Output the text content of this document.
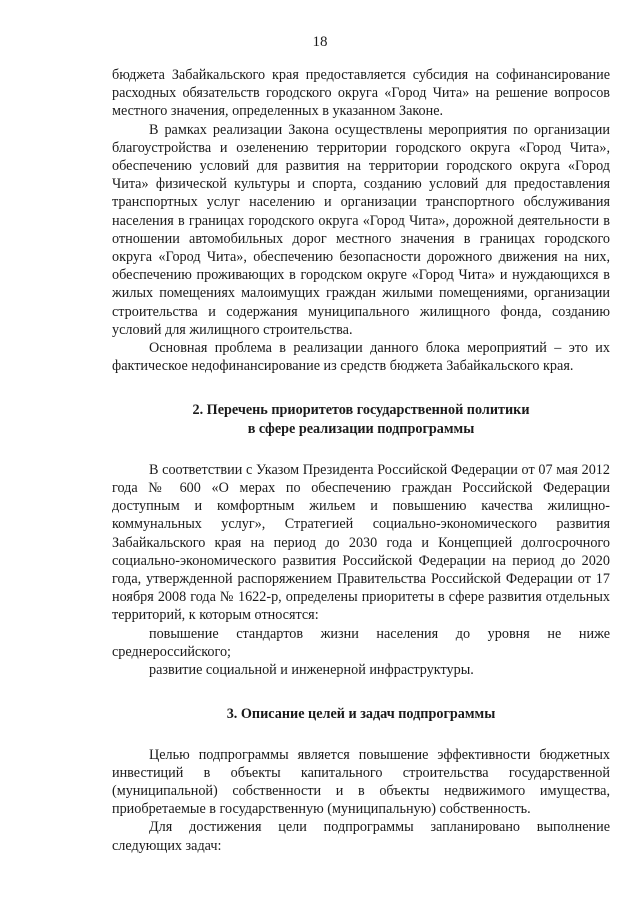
18

бюджета Забайкальского края предоставляется субсидия на софинансирование расходных обязательств городского округа «Город Чита» на решение вопросов местного значения, определенных в указанном Законе.

В рамках реализации Закона осуществлены мероприятия по организации благоустройства и озеленению территории городского округа «Город Чита», обеспечению условий для развития на территории городского округа «Город Чита» физической культуры и спорта, созданию условий для предоставления транспортных услуг населению и организации транспортного обслуживания населения в границах городского округа «Город Чита», дорожной деятельности в отношении автомобильных дорог местного значения в границах городского округа «Город Чита», обеспечению безопасности дорожного движения на них, обеспечению проживающих в городском округе «Город Чита» и нуждающихся в жилых помещениях малоимущих граждан жилыми помещениями, организации строительства и содержания муниципального жилищного фонда, созданию условий для жилищного строительства.

Основная проблема в реализации данного блока мероприятий – это их фактическое недофинансирование из средств бюджета Забайкальского края.

2. Перечень приоритетов государственной политики
в сфере реализации подпрограммы

В соответствии с Указом Президента Российской Федерации от 07 мая 2012 года № 600 «О мерах по обеспечению граждан Российской Федерации доступным и комфортным жильем и повышению качества жилищно-коммунальных услуг», Стратегией социально-экономического развития Забайкальского края на период до 2030 года и Концепцией долгосрочного социально-экономического развития Российской Федерации на период до 2020 года, утвержденной распоряжением Правительства Российской Федерации от 17 ноября 2008 года № 1622-р, определены приоритеты в сфере развития отдельных территорий, к которым относятся:

повышение стандартов жизни населения до уровня не ниже среднероссийского;

развитие социальной и инженерной инфраструктуры.

3. Описание целей и задач подпрограммы

Целью подпрограммы является повышение эффективности бюджетных инвестиций в объекты капитального строительства государственной (муниципальной) собственности и в объекты недвижимого имущества, приобретаемые в государственную (муниципальную) собственность.

Для достижения цели подпрограммы запланировано выполнение следующих задач:
